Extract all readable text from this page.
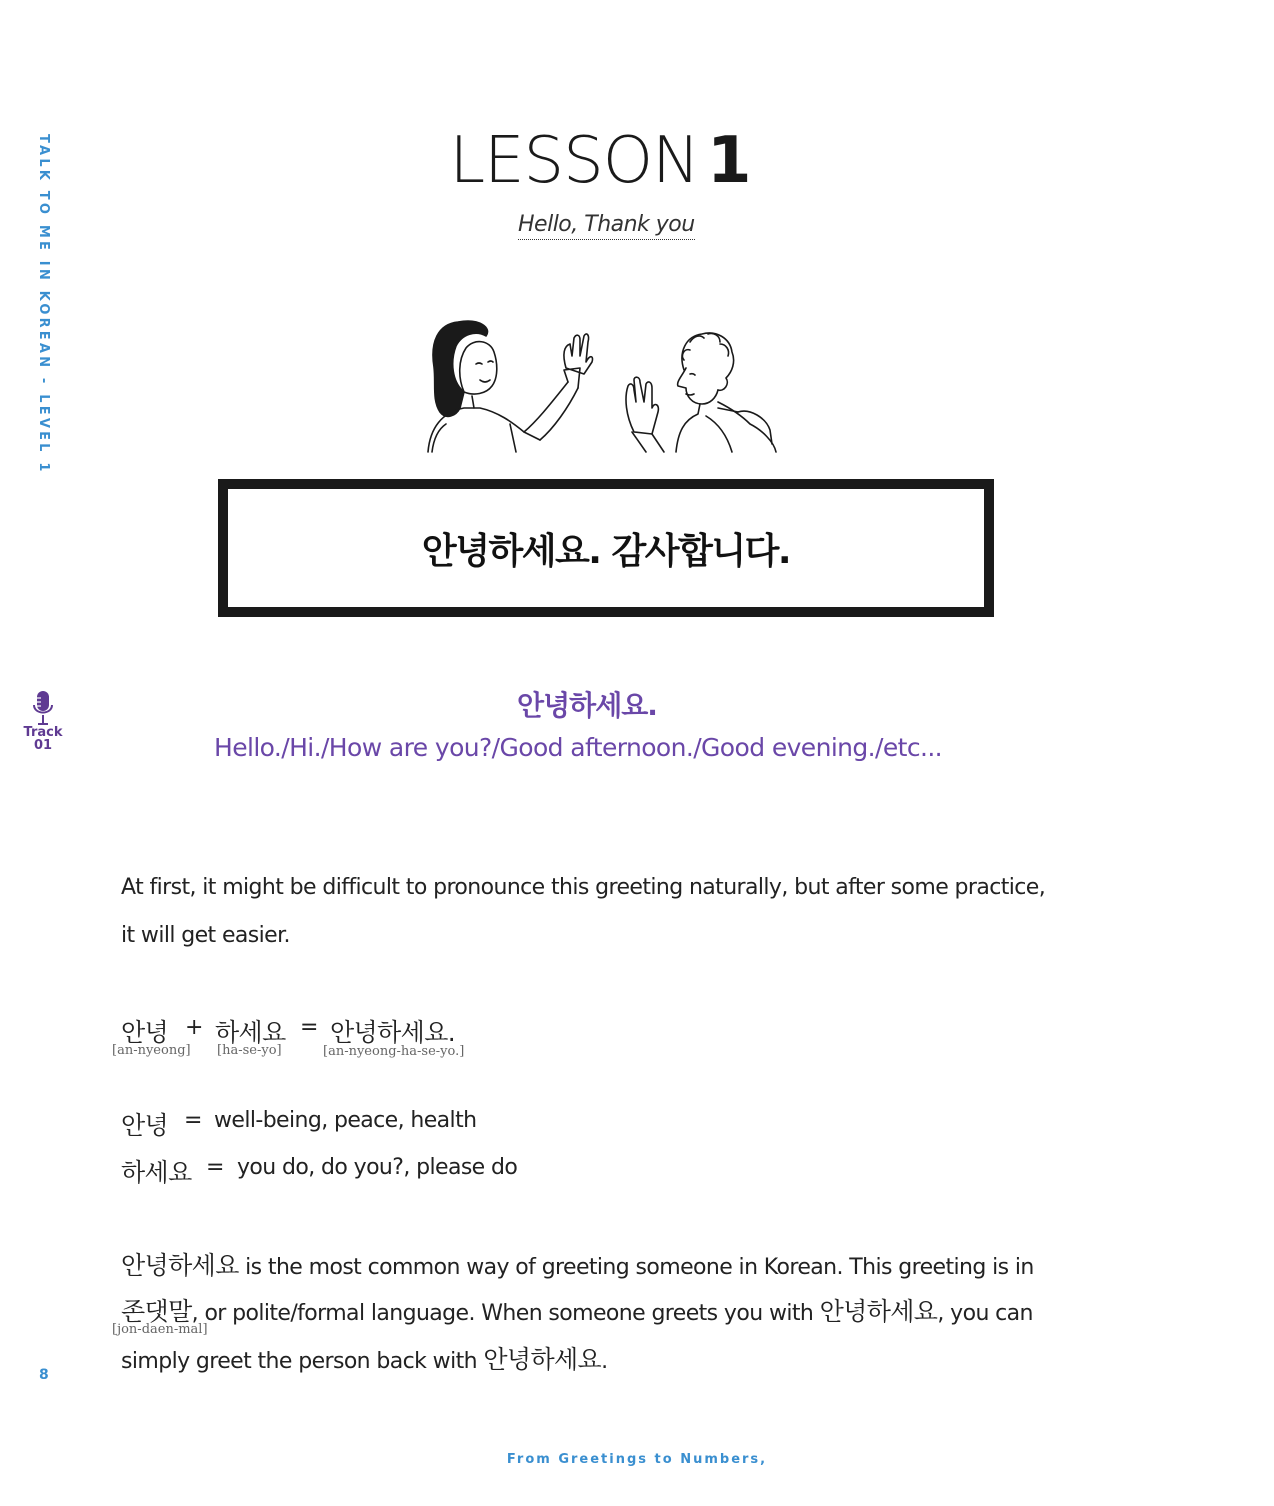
TALK TO ME IN KOREAN - LEVEL 1	LESSON 1
Hello, Thank you
안녕하세요. 감사합니다.
Track
01
안녕하세요.
Hello./Hi./How are you?/Good afternoon./Good evening./etc...
At first, it might be difficult to pronounce this greeting naturally, but after some practice,
it will get easier.
안녕 + 하세요 = 안녕하세요.
[an-nyeong] [ha-se-yo]	[an-nyeong-ha-se-yo.]
안녕 = well-being, peace, health
하세요 = you do, do you?, please do
안녕하세요 is the most common way of greeting someone in Korean. This greeting is in
존댓말, or polite/formal language. When someone greets you with 안녕하세요, you can
[jon-daen-mal]
simply greet the person back with 안녕하세요.
8
From Greetings to Numbers,
